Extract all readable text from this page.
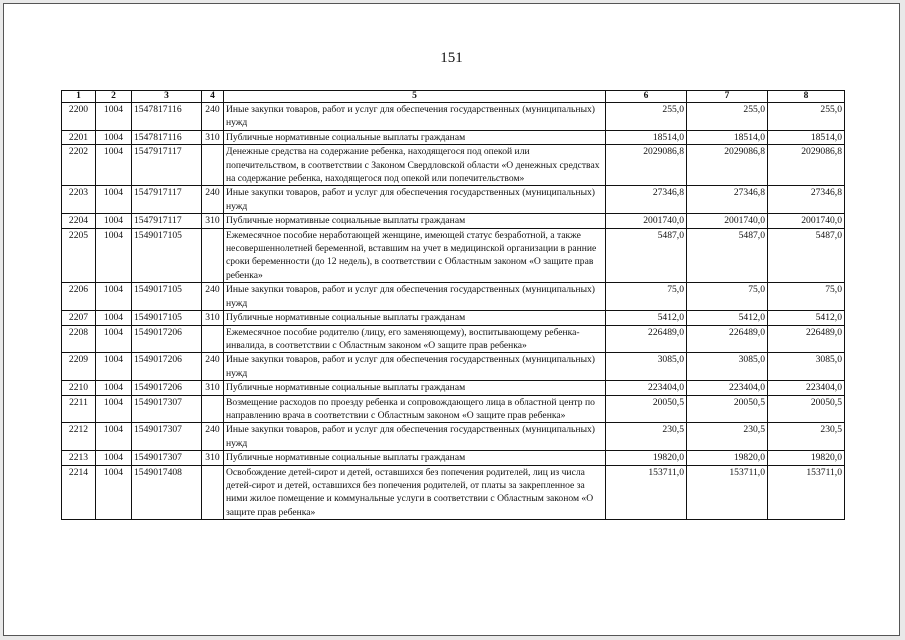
151
1	2	3	4	5	6	7	8
2200	1004	1547817116	240	Иные закупки товаров, работ и услуг для обеспечения государственных (муниципальных) нужд	255,0	255,0	255,0
2201	1004	1547817116	310	Публичные нормативные социальные выплаты гражданам	18514,0	18514,0	18514,0
2202	1004	1547917117		Денежные средства на содержание ребенка, находящегося под опекой или попечительством, в соответствии с Законом Свердловской области «О денежных средствах на содержание ребенка, находящегося под опекой или попечительством»	2029086,8	2029086,8	2029086,8
2203	1004	1547917117	240	Иные закупки товаров, работ и услуг для обеспечения государственных (муниципальных) нужд	27346,8	27346,8	27346,8
2204	1004	1547917117	310	Публичные нормативные социальные выплаты гражданам	2001740,0	2001740,0	2001740,0
2205	1004	1549017105		Ежемесячное пособие неработающей женщине, имеющей статус безработной, а также несовершеннолетней беременной, вставшим на учет в медицинской организации в ранние сроки беременности (до 12 недель), в соответствии с Областным законом «О защите прав ребенка»	5487,0	5487,0	5487,0
2206	1004	1549017105	240	Иные закупки товаров, работ и услуг для обеспечения государственных (муниципальных) нужд	75,0	75,0	75,0
2207	1004	1549017105	310	Публичные нормативные социальные выплаты гражданам	5412,0	5412,0	5412,0
2208	1004	1549017206		Ежемесячное пособие родителю (лицу, его заменяющему), воспитывающему ребенка-инвалида, в соответствии с Областным законом «О защите прав ребенка»	226489,0	226489,0	226489,0
2209	1004	1549017206	240	Иные закупки товаров, работ и услуг для обеспечения государственных (муниципальных) нужд	3085,0	3085,0	3085,0
2210	1004	1549017206	310	Публичные нормативные социальные выплаты гражданам	223404,0	223404,0	223404,0
2211	1004	1549017307		Возмещение расходов по проезду ребенка и сопровождающего лица в областной центр по направлению врача в соответствии с Областным законом «О защите прав ребенка»	20050,5	20050,5	20050,5
2212	1004	1549017307	240	Иные закупки товаров, работ и услуг для обеспечения государственных (муниципальных) нужд	230,5	230,5	230,5
2213	1004	1549017307	310	Публичные нормативные социальные выплаты гражданам	19820,0	19820,0	19820,0
2214	1004	1549017408		Освобождение детей-сирот и детей, оставшихся без попечения родителей, лиц из числа детей-сирот и детей, оставшихся без попечения родителей, от платы за закрепленное за ними жилое помещение и коммунальные услуги в соответствии с Областным законом «О защите прав ребенка»	153711,0	153711,0	153711,0
